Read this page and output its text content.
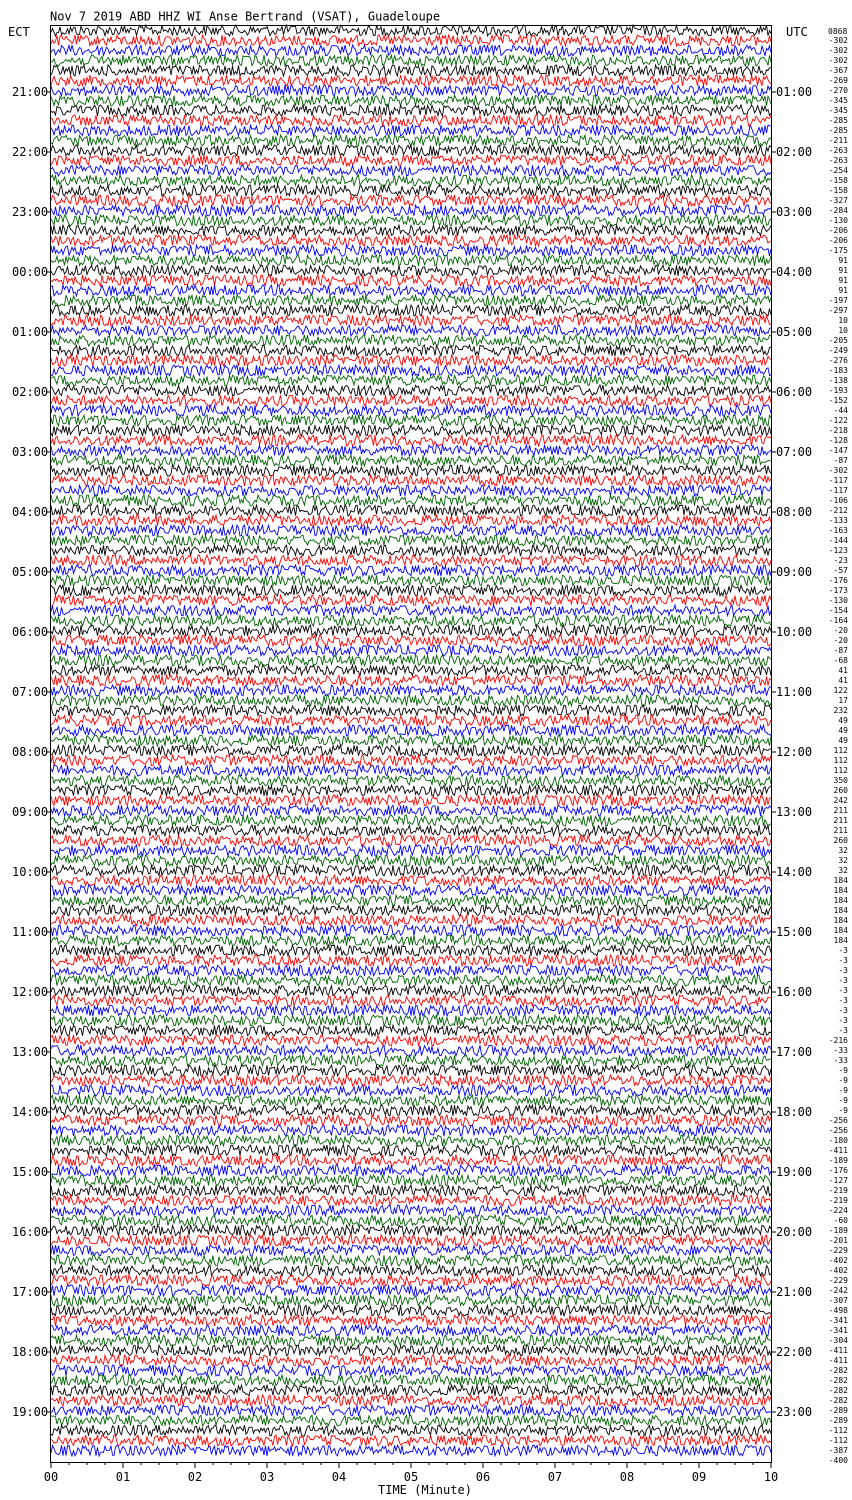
Nov 7 2019 ABD HHZ WI Anse Bertrand (VSAT), Guadeloupe
ECT	UTC	0868
21:00
22:00
23:00
00:00
01:00
02:00
03:00
04:00
05:00
06:00
07:00
08:00
09:00
10:00
11:00
12:00
13:00
14:00
15:00
16:00
17:00
18:00
19:00
01:00
02:00
03:00
04:00
05:00
06:00
07:00
08:00
09:00
10:00
11:00
12:00
13:00
14:00
15:00
16:00
17:00
18:00
19:00
20:00
21:00
22:00
23:00
-302
-302
-302
-367
-269
-270
-345
-345
-285
-285
-211
-263
-263
-254
-158
-158
-327
-284
-130
-206
-206
-175
91
91
91
91
-197
-297
10
10
-205
-249
-276
-183
-138
-193
-152
-44
-122
-218
-128
-147
-87
-302
-117
-117
-106
-212
-133
-163
-144
-123
-23
-57
-176
-173
-130
-154
-164
-20
-20
-87
-68
41
41
122
17
232
49
49
49
112
112
112
350
260
242
211
211
211
260
32
32
32
184
184
184
184
184
184
184
-3
-3
-3
-3
-3
-3
-3
-3
-3
-216
-33
-33
-9
-9
-9
-9
-9
-256
-256
-180
-411
-189
-176
-127
-219
-219
-224
-60
-189
-201
-229
-402
-402
-229
-242
-307
-498
-341
-341
-304
-411
-411
-282
-282
-282
-282
-289
-289
-112
-112
-387
-400
00	01	02	03	04	05	06	07	08	09	10
TIME (Minute)
